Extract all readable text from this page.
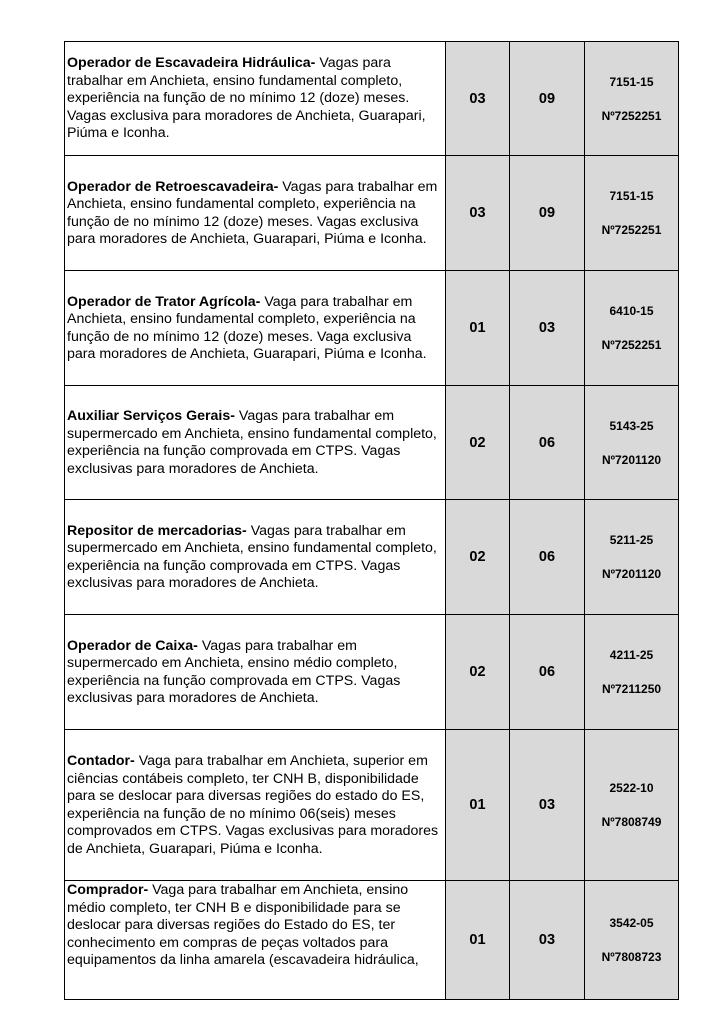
Operador de Escavadeira Hidráulica- Vagas para trabalhar em Anchieta, ensino fundamental completo, experiência na função de no mínimo 12 (doze) meses. Vagas exclusiva para moradores de Anchieta, Guarapari, Piúma e Iconha.	03	09	7151-15
Nº7252251

Operador de Retroescavadeira- Vagas para trabalhar em Anchieta, ensino fundamental completo, experiência na função de no mínimo 12 (doze) meses. Vagas exclusiva para moradores de Anchieta, Guarapari, Piúma e Iconha.	03	09	7151-15
Nº7252251

Operador de Trator Agrícola- Vaga para trabalhar em Anchieta, ensino fundamental completo, experiência na função de no mínimo 12 (doze) meses. Vaga exclusiva para moradores de Anchieta, Guarapari, Piúma e Iconha.	01	03	6410-15
Nº7252251

Auxiliar Serviços Gerais- Vagas para trabalhar em supermercado em Anchieta, ensino fundamental completo, experiência na função comprovada em CTPS. Vagas exclusivas para moradores de Anchieta.	02	06	5143-25
Nº7201120

Repositor de mercadorias- Vagas para trabalhar em supermercado em Anchieta, ensino fundamental completo, experiência na função comprovada em CTPS. Vagas exclusivas para moradores de Anchieta.	02	06	5211-25
Nº7201120

Operador de Caixa- Vagas para trabalhar em supermercado em Anchieta, ensino médio completo, experiência na função comprovada em CTPS. Vagas exclusivas para moradores de Anchieta.	02	06	4211-25
Nº7211250

Contador- Vaga para trabalhar em Anchieta, superior em ciências contábeis completo, ter CNH B, disponibilidade para se deslocar para diversas regiões do estado do ES, experiência na função de no mínimo 06(seis) meses comprovados em CTPS. Vagas exclusivas para moradores de Anchieta, Guarapari, Piúma e Iconha.	01	03	2522-10
Nº7808749

Comprador- Vaga para trabalhar em Anchieta, ensino médio completo, ter CNH B e disponibilidade para se deslocar para diversas regiões do Estado do ES, ter conhecimento em compras de peças voltados para equipamentos da linha amarela (escavadeira hidráulica,	01	03	3542-05
Nº7808723
